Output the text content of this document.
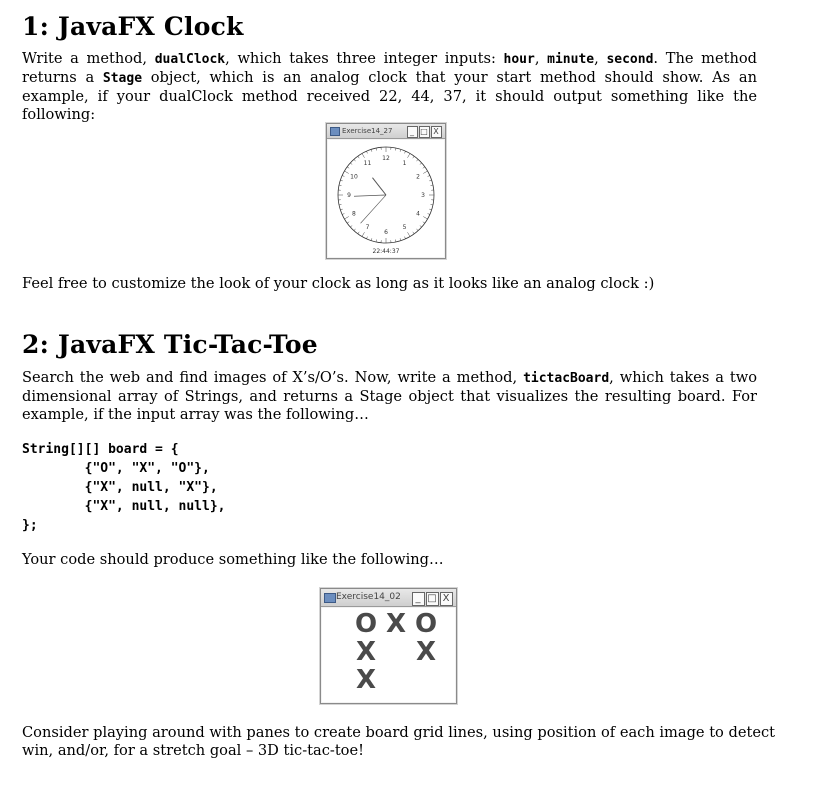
1: JavaFX Clock

Write a method, dualClock, which takes three integer inputs: hour, minute, second. The method returns a Stage object, which is an analog clock that your start method should show. As an example, if your dualClock method received 22, 44, 37, it should output something like the following:

Feel free to customize the look of your clock as long as it looks like an analog clock :)

2: JavaFX Tic-Tac-Toe

Search the web and find images of X’s/O’s. Now, write a method, tictacBoard, which takes a two dimensional array of Strings, and returns a Stage object that visualizes the resulting board. For example, if the input array was the following…

Your code should produce something like the following…

Consider playing around with panes to create board grid lines, using position of each image to detect win, and/or, for a stretch goal – 3D tic-tac-toe!

String[][] board = {
{"O", "X", "O"},
{"X", null, "X"},
{"X", null, null},
};
Exercise14_27	_ □ X
12
1
2
3
4
5
6
7
8
9
10
11
22:44:37
Exercise14_02	_ □ X
O X O
X X
X
